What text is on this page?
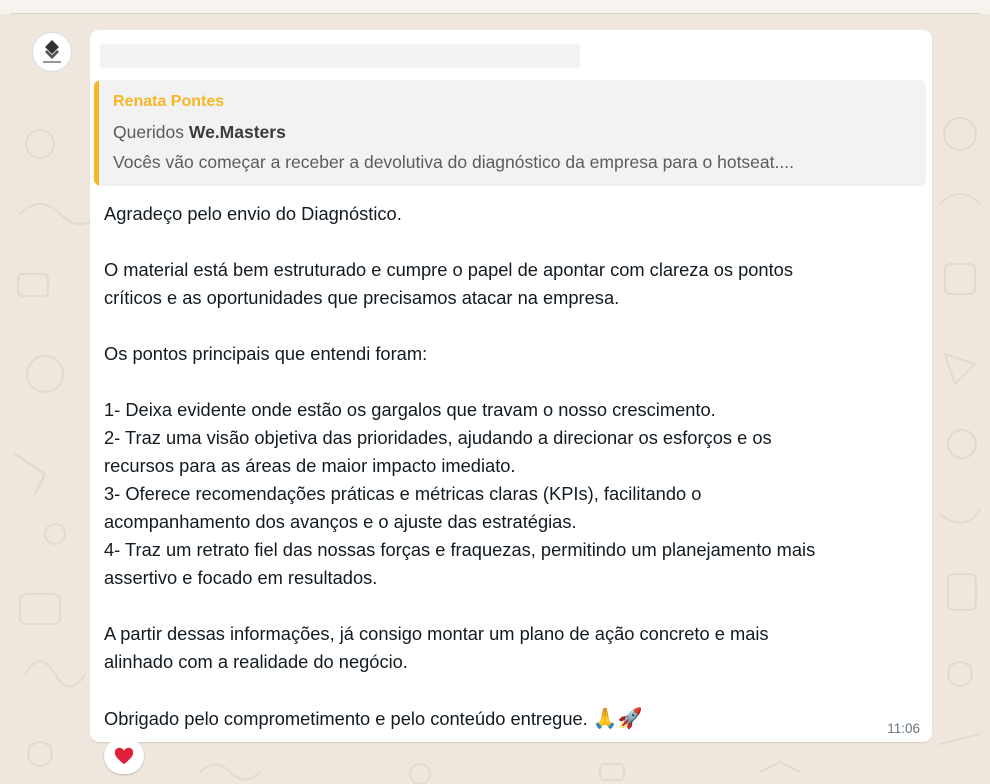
Renata Pontes
Queridos We.Masters
Vocês vão começar a receber a devolutiva do diagnóstico da empresa para o hotseat....

Agradeço pelo envio do Diagnóstico.

O material está bem estruturado e cumpre o papel de apontar com clareza os pontos

críticos e as oportunidades que precisamos atacar na empresa.

Os pontos principais que entendi foram:

1- Deixa evidente onde estão os gargalos que travam o nosso crescimento.

2- Traz uma visão objetiva das prioridades, ajudando a direcionar os esforços e os

recursos para as áreas de maior impacto imediato.

3- Oferece recomendações práticas e métricas claras (KPIs), facilitando o

acompanhamento dos avanços e o ajuste das estratégias.

4- Traz um retrato fiel das nossas forças e fraquezas, permitindo um planejamento mais

assertivo e focado em resultados.

A partir dessas informações, já consigo montar um plano de ação concreto e mais

alinhado com a realidade do negócio.

Obrigado pelo comprometimento e pelo conteúdo entregue. 🙏🚀	11:06
